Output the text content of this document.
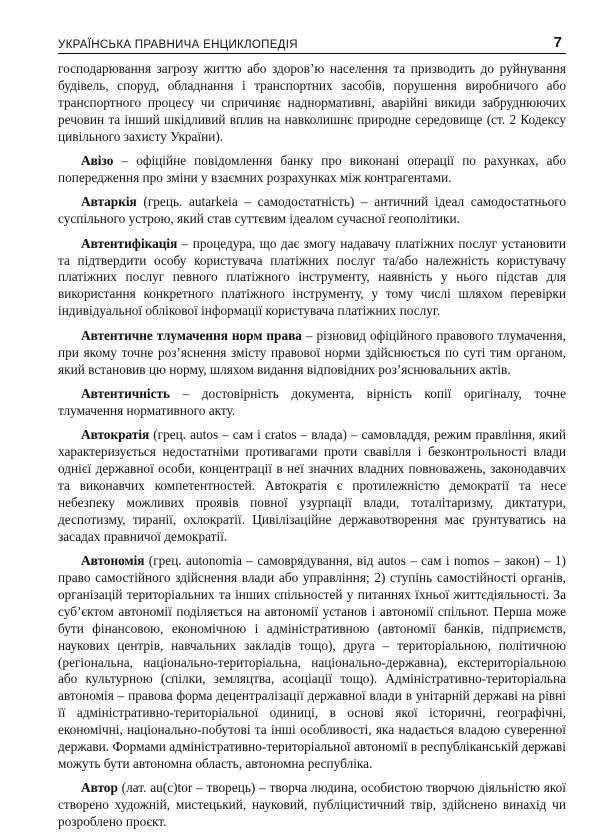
УКРАЇНСЬКА ПРАВНИЧА ЕНЦИКЛОПЕДІЯ	7

господарювання загрозу життю або здоров’ю населення та призводить до руйнування будівель, споруд, обладнання і транспортних засобів, порушення виробничого або транспортного процесу чи спричиняє наднормативні, аварійні викиди забруднюючих речовин та інший шкідливий вплив на навколишнє природне середовище (ст. 2 Кодексу цивільного захисту України).

Авізо – офіційне повідомлення банку про виконані операції по рахунках, або попередження про зміни у взаємних розрахунках між контрагентами.

Автаркія (грець. autarkeia – самодостатність) – античний ідеал самодостатнього суспільного устрою, який став суттєвим ідеалом сучасної геополітики.

Автентифікація – процедура, що дає змогу надавачу платіжних послуг установити та підтвердити особу користувача платіжних послуг та/або належність користувачу платіжних послуг певного платіжного інструменту, наявність у нього підстав для використання конкретного платіжного інструменту, у тому числі шляхом перевірки індивідуальної облікової інформації користувача платіжних послуг.

Автентичне тлумачення норм права – різновид офіційного правового тлумачення, при якому точне роз’яснення змісту правової норми здійснюється по суті тим органом, який встановив цю норму, шляхом видання відповідних роз’яснювальних актів.

Автентичність – достовірність документа, вірність копії оригіналу, точне тлумачення нормативного акту.

Автократія (грец. autos – сам і cratos – влада) – самовладдя, режим правління, який характеризується недостатніми противагами проти свавілля і безконтрольності влади однієї державної особи, концентрації в неї значних владних повноважень, законодавчих та виконавчих компетентностей. Автократія є протилежністю демократії та несе небезпеку можливих проявів повної узурпації влади, тоталітаризму, диктатури, деспотизму, тиранії, охлократії. Цивілізаційне державотворення має ґрунтуватись на засадах правничої демократії.

Автономія (грец. autonomia – самоврядування, від autos – сам і nomos – закон) – 1) право самостійного здійснення влади або управління; 2) ступінь самостійності органів, організацій територіальних та інших спільностей у питаннях їхньої життєдіяльності. За суб’єктом автономії поділяється на автономії установ і автономії спільнот. Перша може бути фінансовою, економічною і адміністративною (автономії банків, підприємств, наукових центрів, навчальних закладів тощо), друга – територіальною, політичною (регіональна, національно-територіальна, національно-державна), екстериторіальною або культурною (спілки, земляцтва, асоціації тощо). Адміністративно-територіальна автономія – правова форма децентралізації державної влади в унітарній державі на рівні її адміністративно-територіальної одиниці, в основі якої історичні, географічні, економічні, національно-побутові та інші особливості, яка надається владою суверенної держави. Формами адміністративно-територіальної автономії в республіканській державі можуть бути автономна область, автономна республіка.

Автор (лат. au(c)tor – творець) – творча людина, особистою творчою діяльністю якої створено художній, мистецький, науковий, публіцистичний твір, здійснено винахід чи розроблено проєкт.
